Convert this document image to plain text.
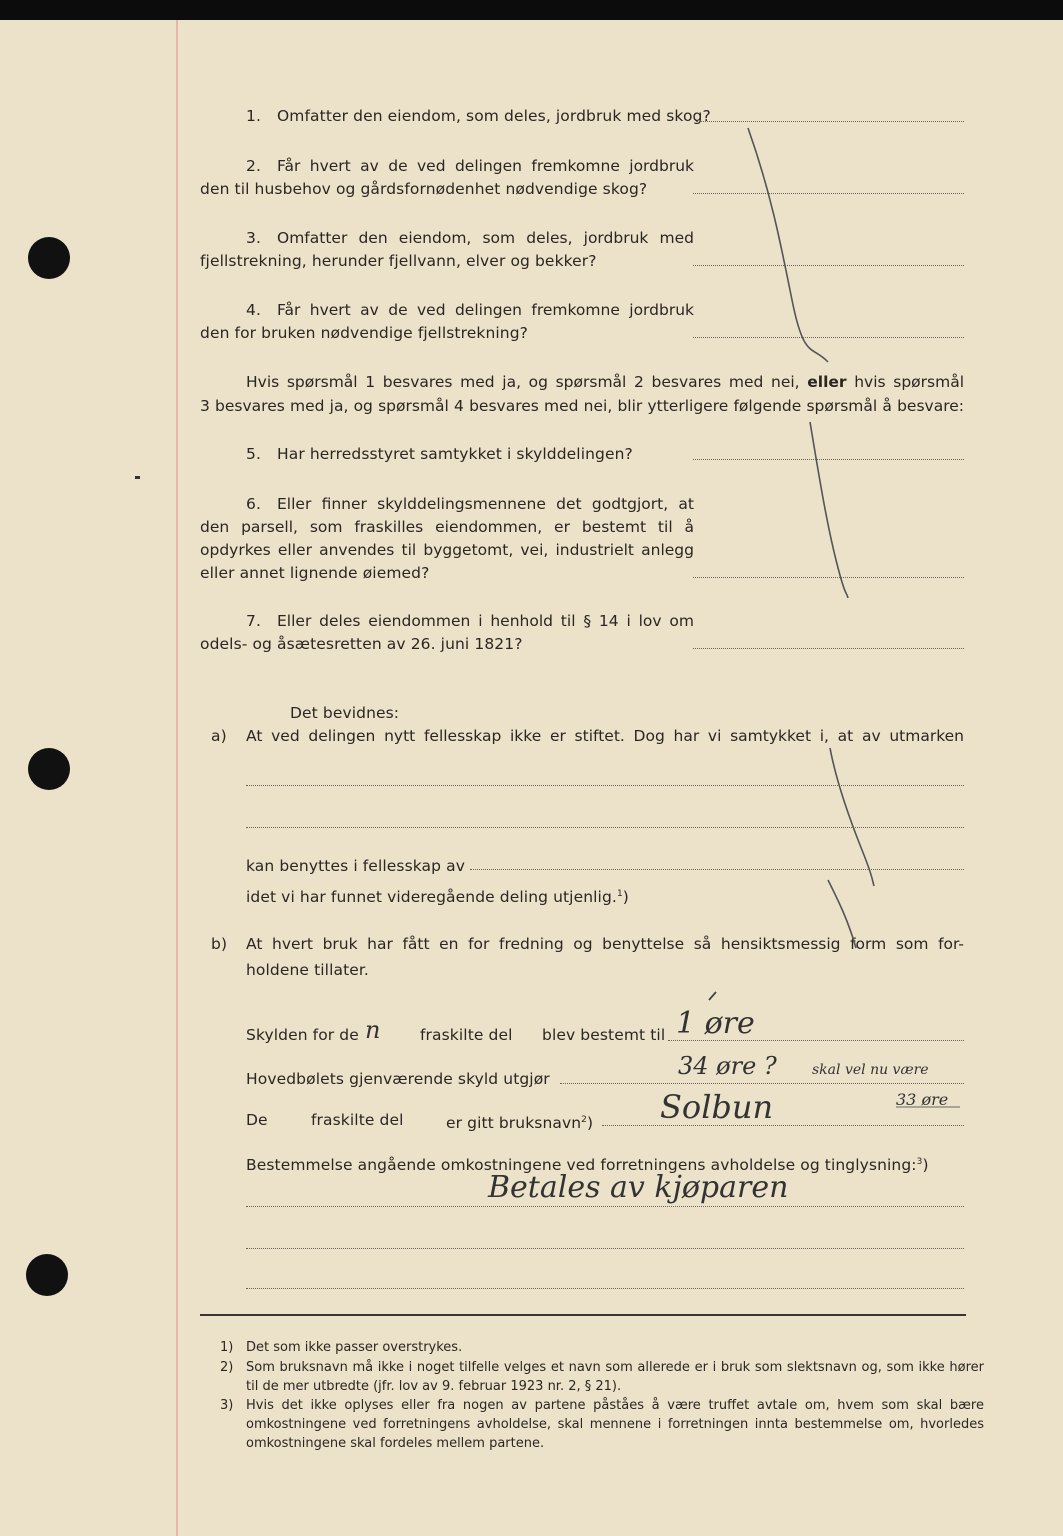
1. Omfatter den eiendom, som deles, jordbruk med skog?
2. Får hvert av de ved delingen fremkomne jordbruk
den til husbehov og gårdsfornødenhet nødvendige skog?
3. Omfatter den eiendom, som deles, jordbruk med
fjellstrekning, herunder fjellvann, elver og bekker?
4. Får hvert av de ved delingen fremkomne jordbruk
den for bruken nødvendige fjellstrekning?
Hvis spørsmål 1 besvares med ja, og spørsmål 2 besvares med nei, eller hvis spørsmål
3 besvares med ja, og spørsmål 4 besvares med nei, blir ytterligere følgende spørsmål å besvare:
5. Har herredsstyret samtykket i skylddelingen?
6. Eller finner skylddelingsmennene det godtgjort, at
den parsell, som fraskilles eiendommen, er bestemt til å
opdyrkes eller anvendes til byggetomt, vei, industrielt anlegg
eller annet lignende øiemed?
7. Eller deles eiendommen i henhold til § 14 i lov om
odels- og åsætesretten av 26. juni 1821?
Det bevidnes:
a) At ved delingen nytt fellesskap ikke er stiftet. Dog har vi samtykket i, at av utmarken
kan benyttes i fellesskap av
idet vi har funnet videregående deling utjenlig.$^1$)
b) At hvert bruk har fått en for fredning og benyttelse så hensiktsmessig form som for-
holdene tillater.
Skylden for de n	fraskilte del blev bestemt til 1 øre
Hovedbølets gjenværende skyld utgjør	34 øre ?	skal vel nu være
33 øre
De	fraskilte del	er gitt bruksnavn$^2$) Solbun
Bestemmelse angående omkostningene ved forretningens avholdelse og tinglysning:$^3$)
Betales av kjøparen
1) Det som ikke passer overstrykes.
2) Som bruksnavn må ikke i noget tilfelle velges et navn som allerede er i bruk som slektsnavn og, som ikke hører til de mer utbredte (jfr. lov av 9. februar 1923 nr. 2, § 21).
3) Hvis det ikke oplyses eller fra nogen av partene påståes å være truffet avtale om, hvem som skal bære omkostningene ved forretningens avholdelse, skal mennene i forretningen innta bestemmelse om, hvorledes omkostningene skal fordeles mellem partene.
